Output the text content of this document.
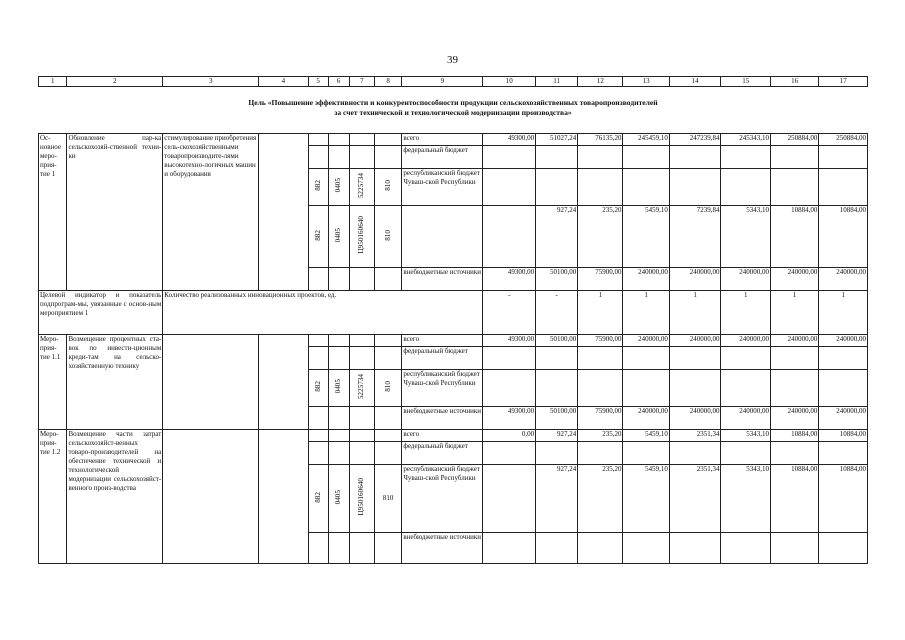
39
1	2	3	4	5	6	7	8	9	10	11	12	13	14	15	16	17
Цель «Повышение эффективности и конкурентоспособности продукции сельскохозяйственных товаропроизводителей
за счет технической и технологической модернизации производства»
Ос-новное меро-прия-тие 1	Обновление пар-ка сельскохозяй-ственной техни-ки	стимулирование приобретения сель-скохозяйственными товаропроизводите-лями высокотехно-логичных машин и оборудования						всего	49300,00	51027,24	76135,20	245459,10	247239,84	245343,10	250884,00	250884,00
								федеральный бюджет								
				882	0405	5225734	810	республиканский бюджет Чуваш-ской Республики								
				882	0405	Ц950160640	810			927,24	235,20	5459,10	7239,84	5343,10	10884,00	10884,00
								внебюджетные источники	49300,00	50100,00	75900,00	240000,00	240000,00	240000,00	240000,00	240000,00
Целевой индикатор и показатель подпрограм-мы, увязанные с основ-ным мероприятием 1		Количество реализованных инновационных проектов, ед.							-	-	1	1	1	1	1	1
Меро-прия-тие 1.1	Возмещение процентных ста-вок по инвести-ционным креди-там на сельско-хозяйственную технику							всего	49300,00	50100,00	75900,00	240000,00	240000,00	240000,00	240000,00	240000,00
								федеральный бюджет								
				882	0405	5225734	810	республиканский бюджет Чуваш-ской Республики								
								внебюджетные источники	49300,00	50100,00	75900,00	240000,00	240000,00	240000,00	240000,00	240000,00
Меро-прия-тие 1.2	Возмещение части затрат сельскохозяйст-венных товаро-производителей на обеспечение технической и технологической модернизации сельскохозяйст-венного произ-водства							всего	0,00	927,24	235,20	5459,10	2351,34	5343,10	10884,00	10884,00
								федеральный бюджет								
				882	0405	Ц950160640	810	республиканский бюджет Чуваш-ской Республики		927,24	235,20	5459,10	2351,34	5343,10	10884,00	10884,00
								внебюджетные источники								
